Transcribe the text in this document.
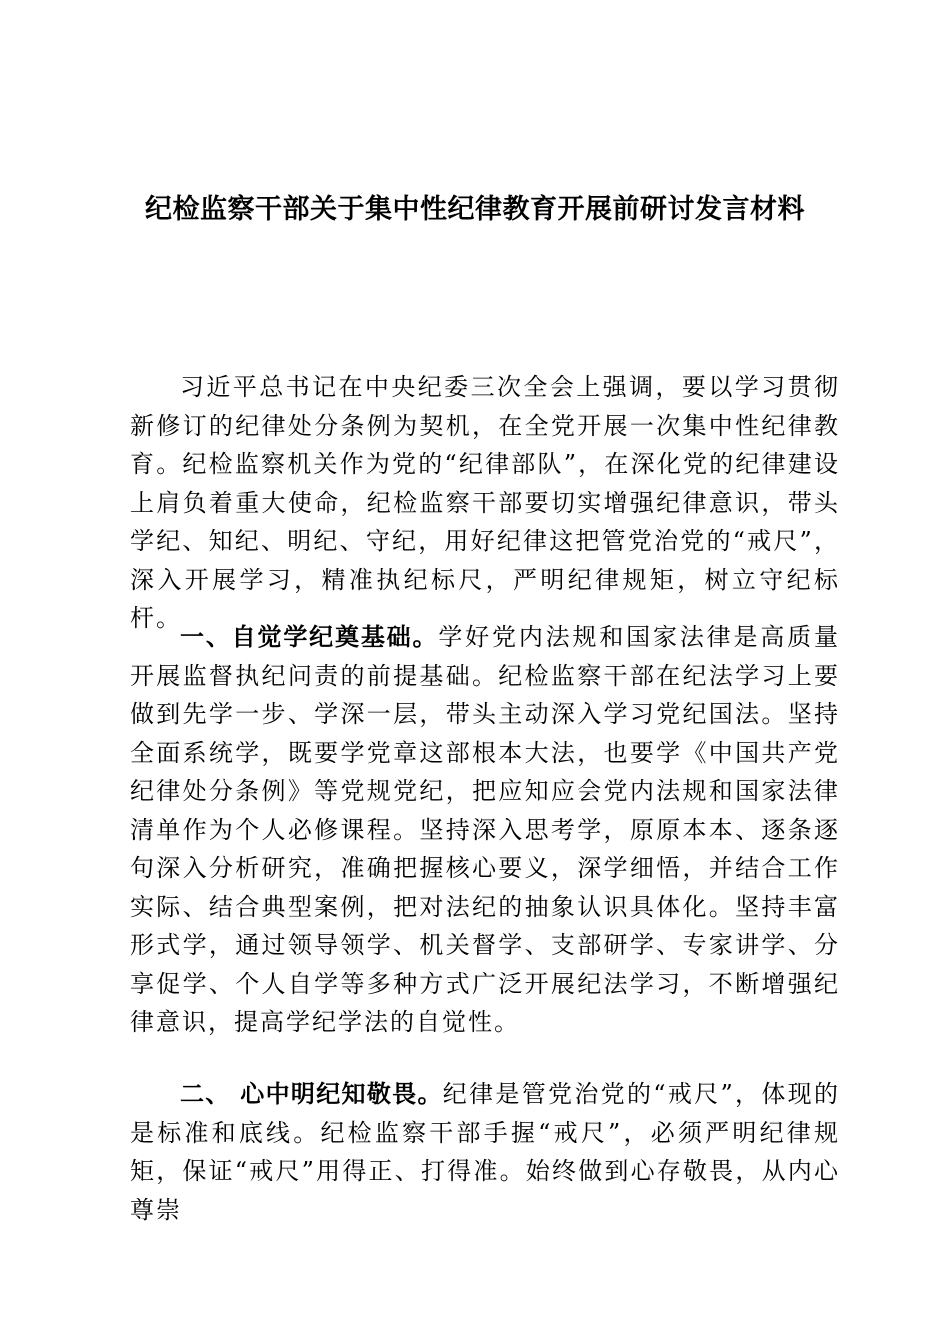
纪检监察干部关于集中性纪律教育开展前研讨发言材料

习近平总书记在中央纪委三次全会上强调，要以学习贯彻新修订的纪律处分条例为契机，在全党开展一次集中性纪律教育。纪检监察机关作为党的“纪律部队”，在深化党的纪律建设上肩负着重大使命，纪检监察干部要切实增强纪律意识，带头学纪、知纪、明纪、守纪，用好纪律这把管党治党的“戒尺”，深入开展学习，精准执纪标尺，严明纪律规矩，树立守纪标杆。

一、自觉学纪奠基础。学好党内法规和国家法律是高质量开展监督执纪问责的前提基础。纪检监察干部在纪法学习上要做到先学一步、学深一层，带头主动深入学习党纪国法。坚持全面系统学，既要学党章这部根本大法，也要学《中国共产党纪律处分条例》等党规党纪，把应知应会党内法规和国家法律清单作为个人必修课程。坚持深入思考学，原原本本、逐条逐句深入分析研究，准确把握核心要义，深学细悟，并结合工作实际、结合典型案例，把对法纪的抽象认识具体化。坚持丰富形式学，通过领导领学、机关督学、支部研学、专家讲学、分享促学、个人自学等多种方式广泛开展纪法学习，不断增强纪律意识，提高学纪学法的自觉性。

二、 心中明纪知敬畏。纪律是管党治党的“戒尺”，体现的是标准和底线。纪检监察干部手握“戒尺”，必须严明纪律规矩，保证“戒尺”用得正、打得准。始终做到心存敬畏，从内心尊崇
